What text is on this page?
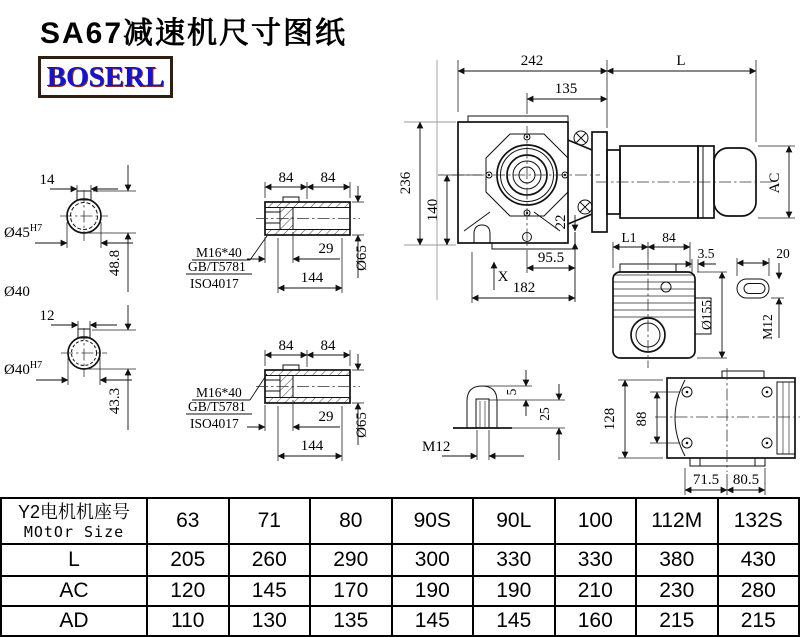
SA67减速机尺寸图纸
BOSERL
14
$Ø45^{H7}$
48.8
Ø40
12
$Ø40^{H7}$
43.3
84 84
29
144
Ø65
M16*40
GB/T5781
ISO4017
84 84
29
144
Ø65
M16*40
GB/T5781
ISO4017
242	L
135
236
140
22
95.5
182
X
AC
L1 84
3.5	20
Ø155	M12
5
25
M12
128 88
71.5 80.5
Y2电机机座号
MOtOr Size	63	71	80	90S	90L	100	112M	132S
L	205	260	290	300	330	330	380	430
AC	120	145	170	190	190	210	230	280
AD	110	130	135	145	145	160	215	215
